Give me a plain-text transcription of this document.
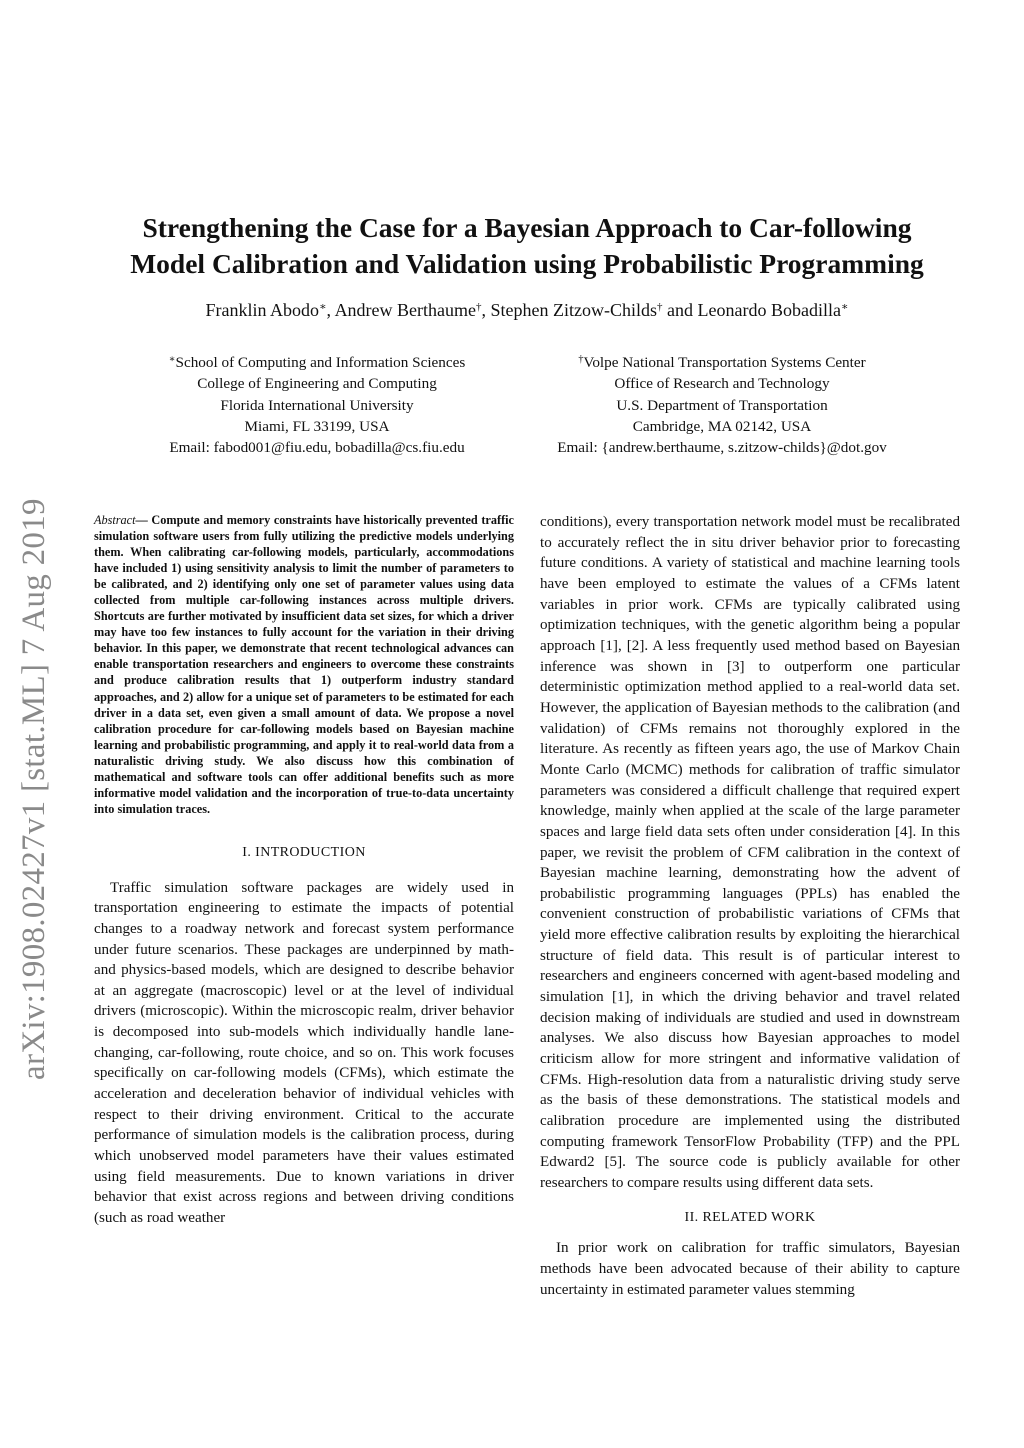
arXiv:1908.02427v1 [stat.ML] 7 Aug 2019
Strengthening the Case for a Bayesian Approach to Car-following
Model Calibration and Validation using Probabilistic Programming
Franklin Abodo∗, Andrew Berthaume†, Stephen Zitzow-Childs† and Leonardo Bobadilla∗
∗School of Computing and Information Sciences
College of Engineering and Computing
Florida International University
Miami, FL 33199, USA
Email: fabod001@fiu.edu, bobadilla@cs.fiu.edu
†Volpe National Transportation Systems Center
Office of Research and Technology
U.S. Department of Transportation
Cambridge, MA 02142, USA
Email: {andrew.berthaume, s.zitzow-childs}@dot.gov

Abstract— Compute and memory constraints have historically prevented traffic simulation software users from fully utilizing the predictive models underlying them. When calibrating car-following models, particularly, accommodations have included 1) using sensitivity analysis to limit the number of parameters to be calibrated, and 2) identifying only one set of parameter values using data collected from multiple car-following instances across multiple drivers. Shortcuts are further motivated by insufficient data set sizes, for which a driver may have too few instances to fully account for the variation in their driving behavior. In this paper, we demonstrate that recent technological advances can enable transportation researchers and engineers to overcome these constraints and produce calibration results that 1) outperform industry standard approaches, and 2) allow for a unique set of parameters to be estimated for each driver in a data set, even given a small amount of data. We propose a novel calibration procedure for car-following models based on Bayesian machine learning and probabilistic programming, and apply it to real-world data from a naturalistic driving study. We also discuss how this combination of mathematical and software tools can offer additional benefits such as more informative model validation and the incorporation of true-to-data uncertainty into simulation traces.

I. INTRODUCTION

Traffic simulation software packages are widely used in transportation engineering to estimate the impacts of potential changes to a roadway network and forecast system performance under future scenarios. These packages are underpinned by math- and physics-based models, which are designed to describe behavior at an aggregate (macroscopic) level or at the level of individual drivers (microscopic). Within the microscopic realm, driver behavior is decomposed into sub-models which individually handle lane-changing, car-following, route choice, and so on. This work focuses specifically on car-following models (CFMs), which estimate the acceleration and deceleration behavior of individual vehicles with respect to their driving environment. Critical to the accurate performance of simulation models is the calibration process, during which unobserved model parameters have their values estimated using field measurements. Due to known variations in driver behavior that exist across regions and between driving conditions (such as road weather

conditions), every transportation network model must be recalibrated to accurately reflect the in situ driver behavior prior to forecasting future conditions. A variety of statistical and machine learning tools have been employed to estimate the values of a CFMs latent variables in prior work. CFMs are typically calibrated using optimization techniques, with the genetic algorithm being a popular approach [1], [2]. A less frequently used method based on Bayesian inference was shown in [3] to outperform one particular deterministic optimization method applied to a real-world data set. However, the application of Bayesian methods to the calibration (and validation) of CFMs remains not thoroughly explored in the literature. As recently as fifteen years ago, the use of Markov Chain Monte Carlo (MCMC) methods for calibration of traffic simulator parameters was considered a difficult challenge that required expert knowledge, mainly when applied at the scale of the large parameter spaces and large field data sets often under consideration [4]. In this paper, we revisit the problem of CFM calibration in the context of Bayesian machine learning, demonstrating how the advent of probabilistic programming languages (PPLs) has enabled the convenient construction of probabilistic variations of CFMs that yield more effective calibration results by exploiting the hierarchical structure of field data. This result is of particular interest to researchers and engineers concerned with agent-based modeling and simulation [1], in which the driving behavior and travel related decision making of individuals are studied and used in downstream analyses. We also discuss how Bayesian approaches to model criticism allow for more stringent and informative validation of CFMs. High-resolution data from a naturalistic driving study serve as the basis of these demonstrations. The statistical models and calibration procedure are implemented using the distributed computing framework TensorFlow Probability (TFP) and the PPL Edward2 [5]. The source code is publicly available for other researchers to compare results using different data sets.

II. RELATED WORK

In prior work on calibration for traffic simulators, Bayesian methods have been advocated because of their ability to capture uncertainty in estimated parameter values stemming
